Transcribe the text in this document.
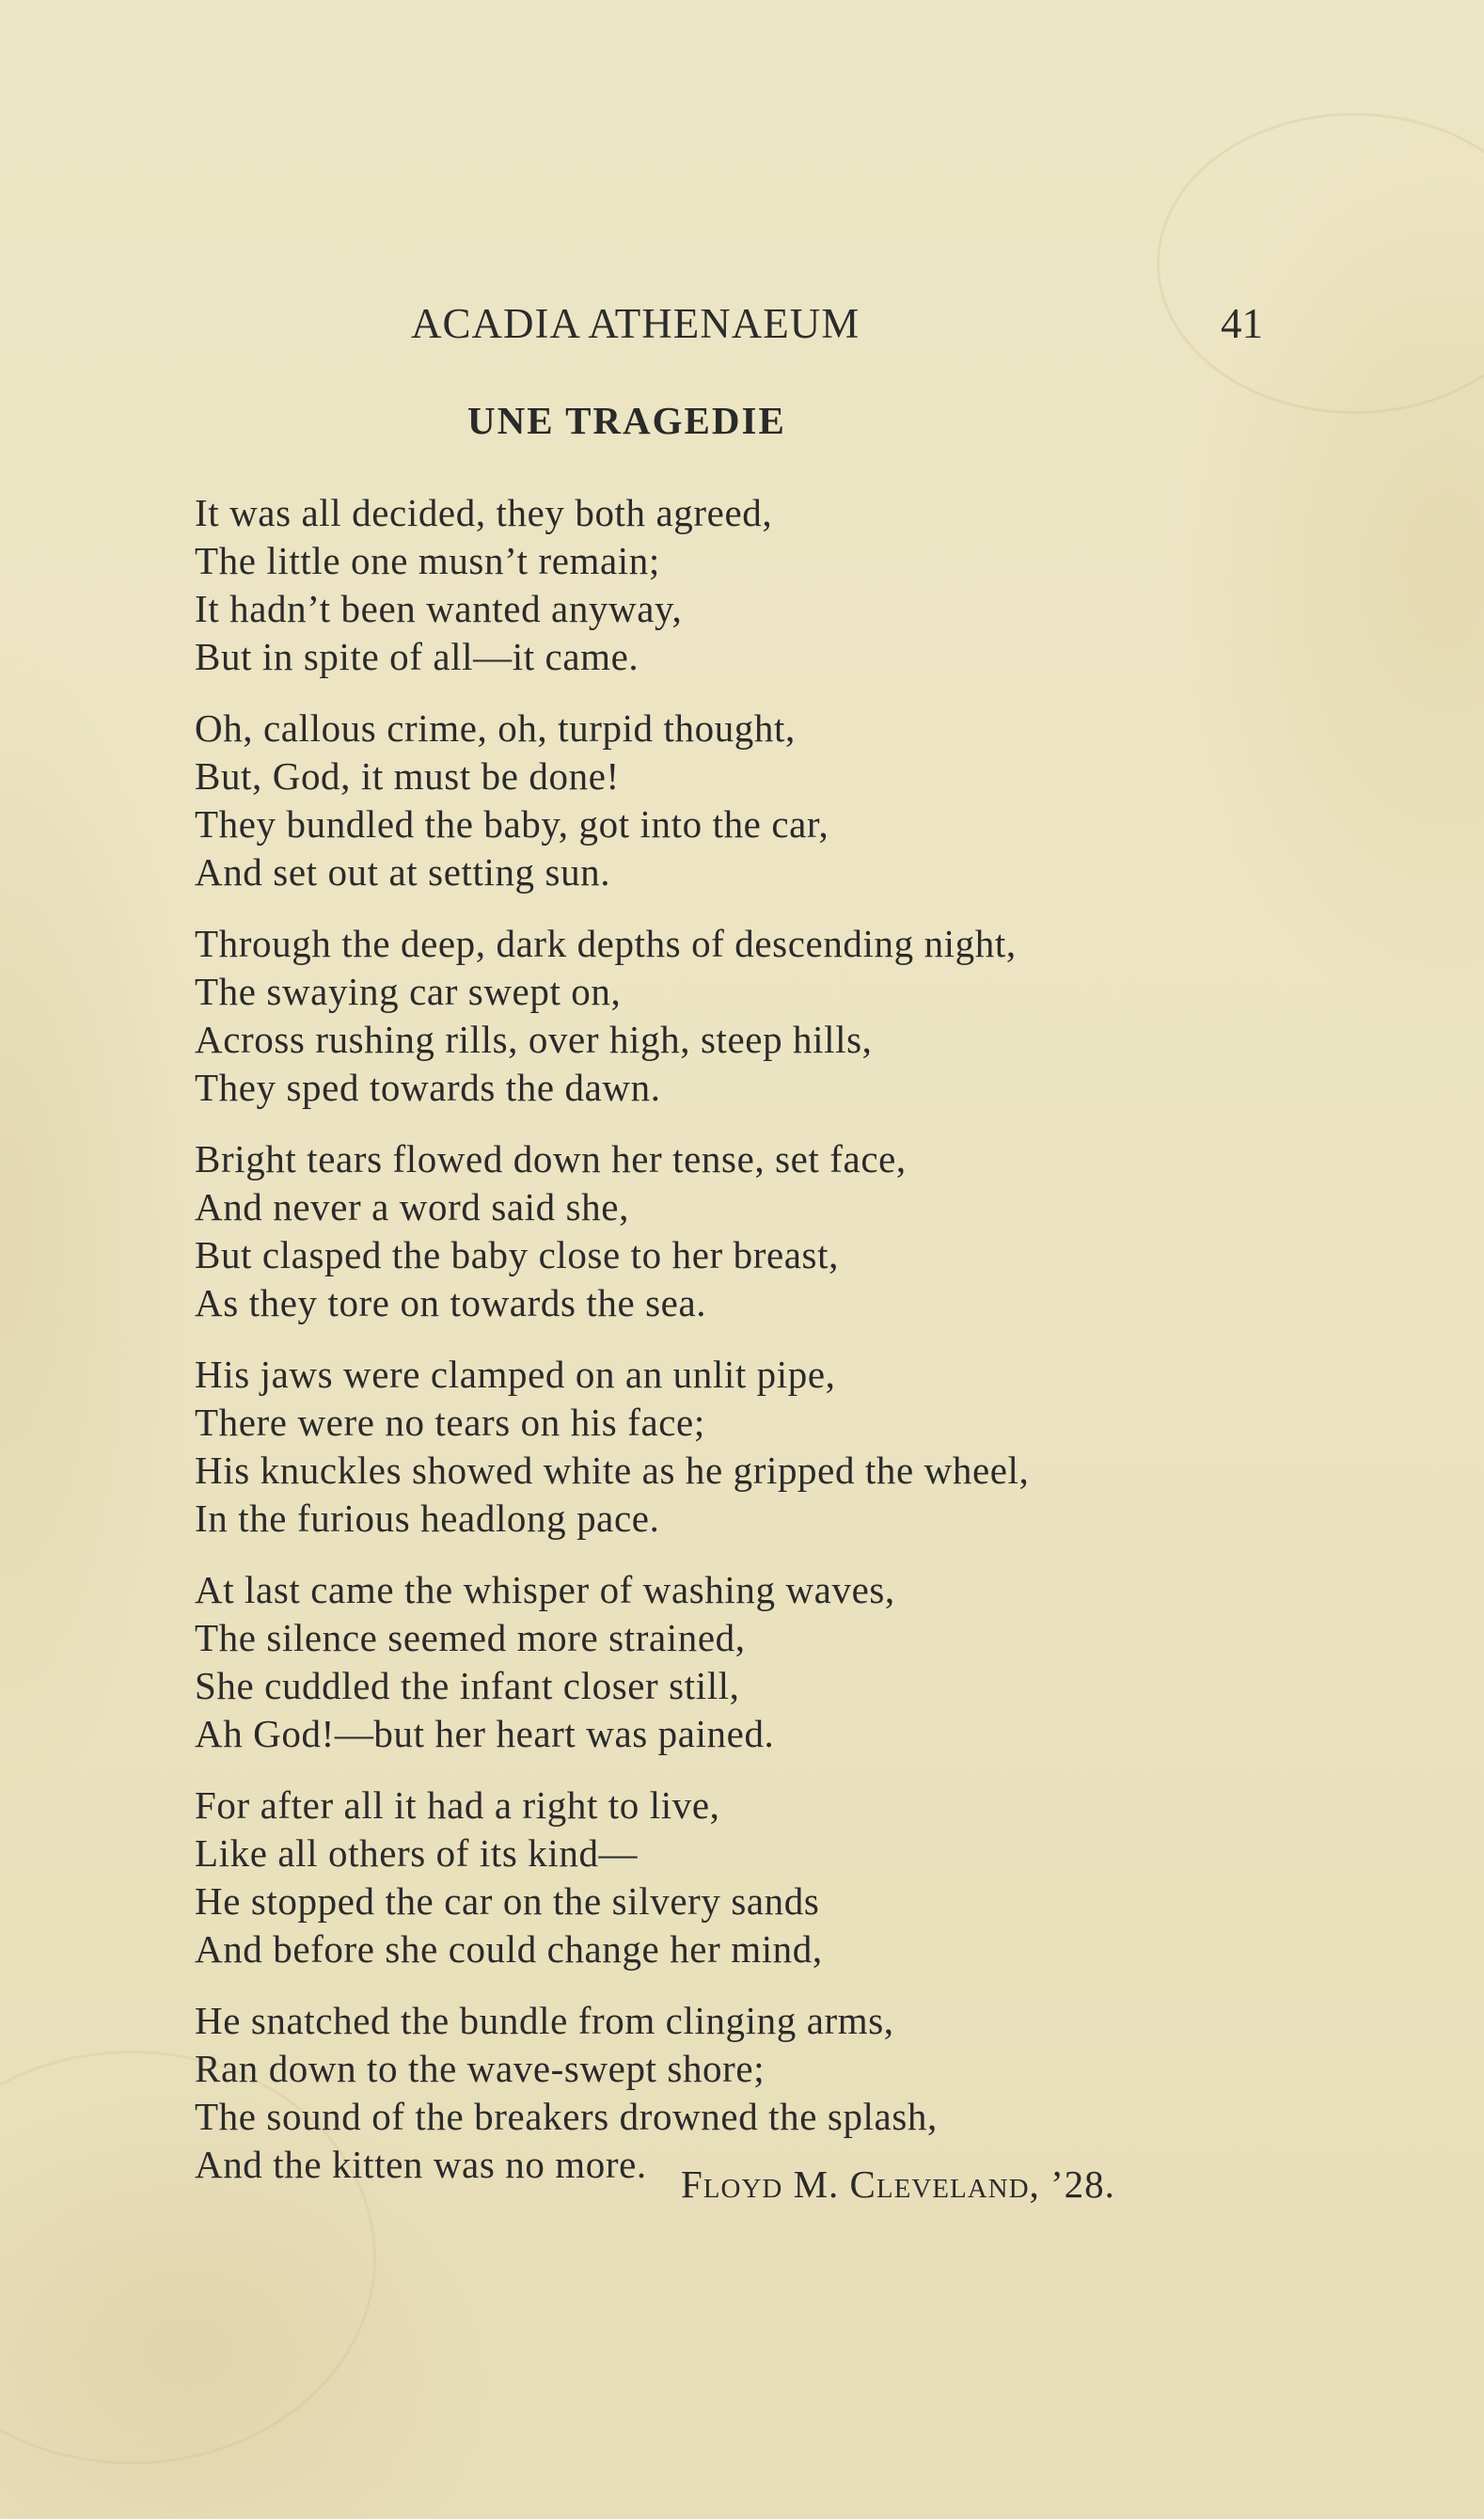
ACADIA ATHENAEUM	41
UNE TRAGEDIE
It was all decided, they both agreed,
The little one musn’t remain;
It hadn’t been wanted anyway,
But in spite of all—it came.
Oh, callous crime, oh, turpid thought,
But, God, it must be done!
They bundled the baby, got into the car,
And set out at setting sun.
Through the deep, dark depths of descending night,
The swaying car swept on,
Across rushing rills, over high, steep hills,
They sped towards the dawn.
Bright tears flowed down her tense, set face,
And never a word said she,
But clasped the baby close to her breast,
As they tore on towards the sea.
His jaws were clamped on an unlit pipe,
There were no tears on his face;
His knuckles showed white as he gripped the wheel,
In the furious headlong pace.
At last came the whisper of washing waves,
The silence seemed more strained,
She cuddled the infant closer still,
Ah God!—but her heart was pained.
For after all it had a right to live,
Like all others of its kind—
He stopped the car on the silvery sands
And before she could change her mind,
He snatched the bundle from clinging arms,
Ran down to the wave-swept shore;
The sound of the breakers drowned the splash,
And the kitten was no more. Floyd M. Cleveland, ’28.
